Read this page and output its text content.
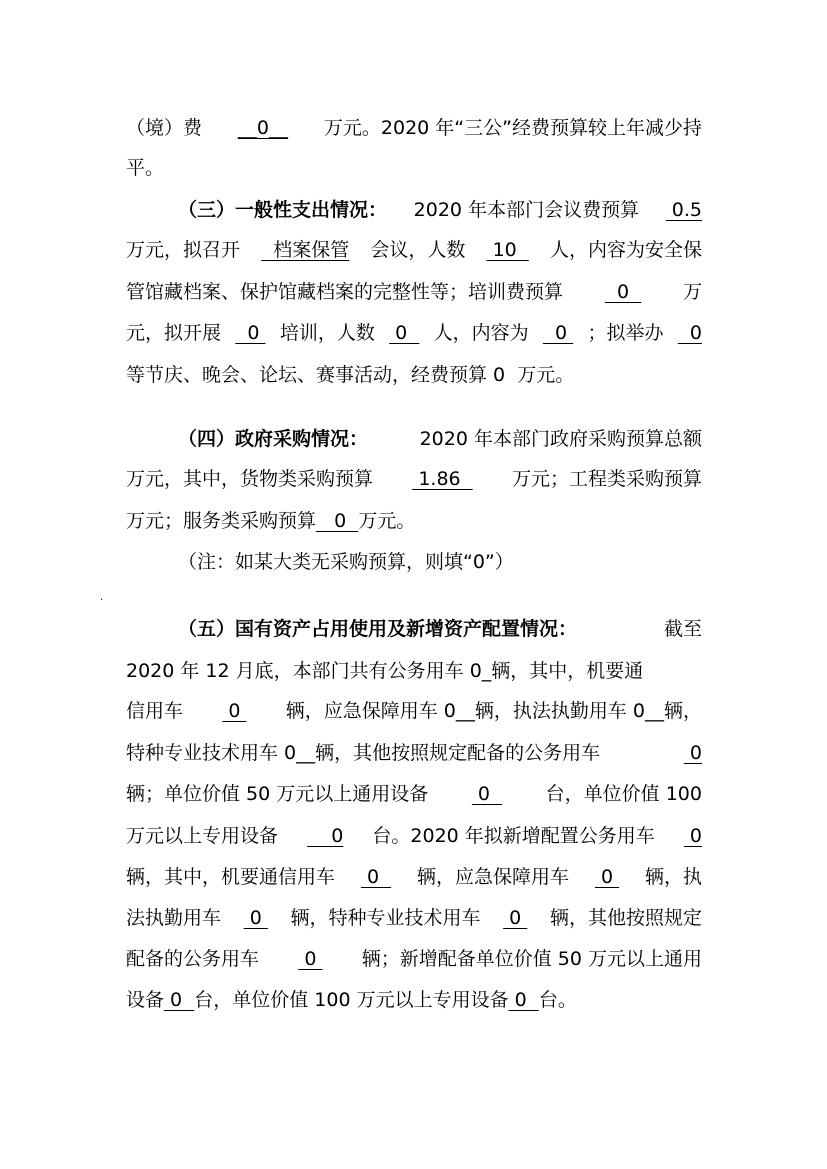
（境）费 __0__ 万元。2020 年“三公”经费预算较上年减少持
平。
（三）一般性支出情况： 2020 年本部门会议费预算 0.5
万元，拟召开 档案保管 会议，人数 10 人，内容为安全保
管馆藏档案、保护馆藏档案的完整性等；培训费预算 0 万
元，拟开展 0 培训，人数 0 人，内容为 0 ；拟举办 0
等节庆、晚会、论坛、赛事活动，经费预算 0  万元。
（四）政府采购情况：	2020 年本部门政府采购预算总额
万元，其中，货物类采购预算 1.86 万元；工程类采购预算
万元；服务类采购预算 0 万元。
（注：如某大类无采购预算，则填“0”）
.
（五）国有资产占用使用及新增资产配置情况：	截至
2020 年 12 月底，本部门共有公务用车 0_辆，其中，机要通
信用车 0 辆，应急保障用车 0__辆，执法执勤用车 0__辆，
特种专业技术用车 0__辆，其他按照规定配备的公务用车	0
辆；单位价值 50 万元以上通用设备 0 台，单位价值 100
万元以上专用设备 0 台。2020 年拟新增配置公务用车 0
辆，其中，机要通信用车 0 辆，应急保障用车 0 辆，执
法执勤用车 0 辆，特种专业技术用车 0 辆，其他按照规定
配备的公务用车 0 辆；新增配备单位价值 50 万元以上通用
设备 0 台，单位价值 100 万元以上专用设备 0 台。
